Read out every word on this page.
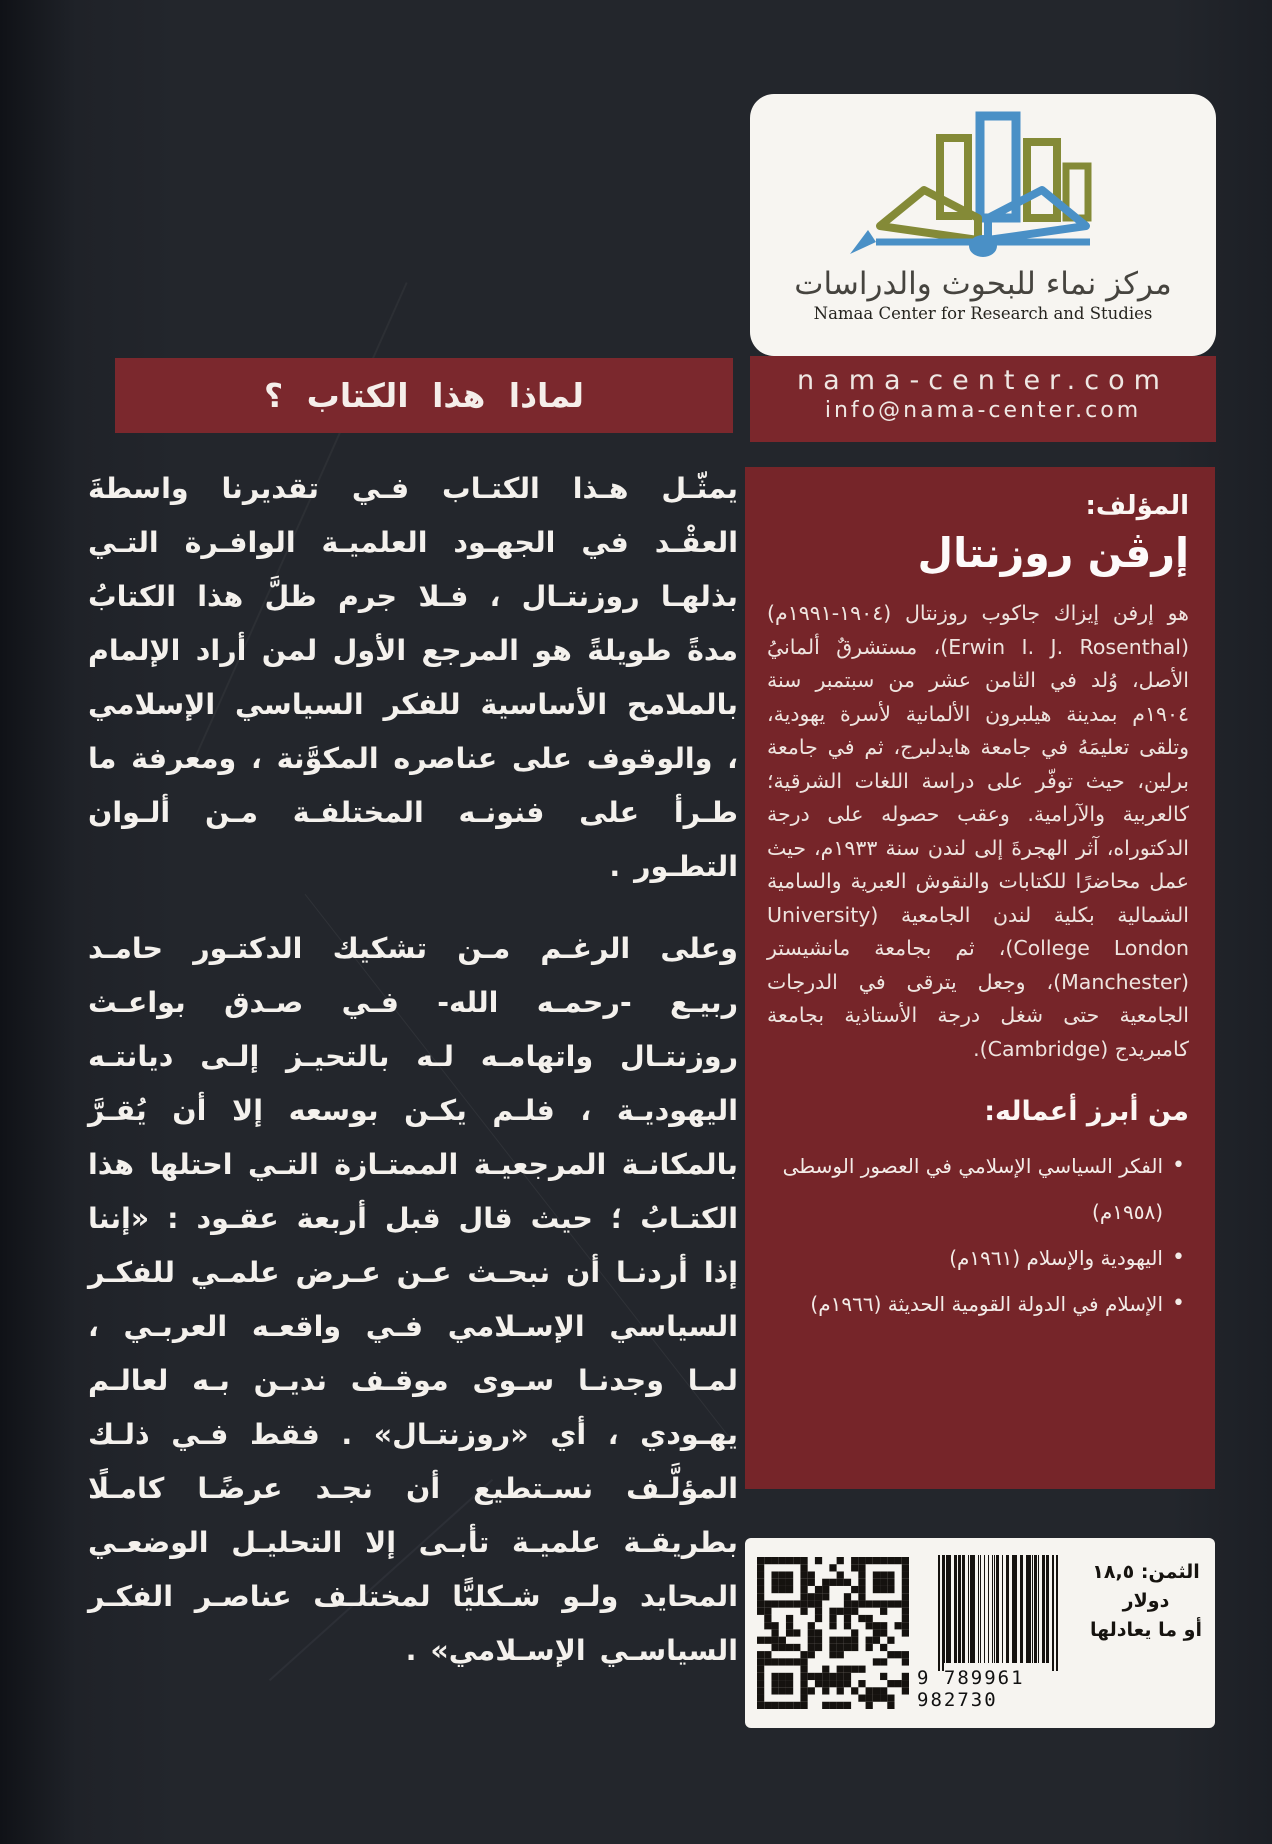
مركز نماء للبحوث والدراسات
Namaa Center for Research and Studies
nama-center.com
info@nama-center.com
المؤلف:
إرڤن روزنتال
هو إرفن إيزاك جاكوب روزنتال (١٩٠٤-١٩٩١م) (Erwin I. J. Rosenthal)، مستشرقٌ ألمانيُ الأصل، وُلد في الثامن عشر من سبتمبر سنة ١٩٠٤م بمدينة هيلبرون الألمانية لأسرة يهودية، وتلقى تعليمَهُ في جامعة هايدلبرج، ثم في جامعة برلين، حيث توفّر على دراسة اللغات الشرقية؛ كالعربية والآرامية. وعقب حصوله على درجة الدكتوراه، آثر الهجرةَ إلى لندن سنة ١٩٣٣م، حيث عمل محاضرًا للكتابات والنقوش العبرية والسامية الشمالية بكلية لندن الجامعية (University College London)، ثم بجامعة مانشيستر (Manchester)، وجعل يترقى في الدرجات الجامعية حتى شغل درجة الأستاذية بجامعة كامبريدج (Cambridge).
من أبرز أعماله:
• الفكر السياسي الإسلامي في العصور الوسطى (١٩٥٨م)
• اليهودية والإسلام (١٩٦١م)
• الإسلام في الدولة القومية الحديثة (١٩٦٦م)
9 789961 982730
الثمن: ١٨,٥ دولار
أو ما يعادلها
لماذا هذا الكتاب ؟

يمثّـل هـذا الكتـاب فـي تقديرنا واسطةَ العقْـد في الجهـود العلميـة الوافـرة التـي بذلهـا روزنتـال ، فـلا جرم ظلَّ هذا الكتابُ مدةً طويلةً هو المرجع الأول لمن أراد الإلمام بالملامح الأساسية للفكر السياسي الإسلامي ، والوقوف على عناصره المكوَّنة ، ومعرفة ما طـرأ على فنونـه المختلفـة مـن ألـوان التطـور .

وعلى الرغـم مـن تشكيك الدكتـور حامـد ربيـع -رحمـه الله- فـي صـدق بواعـث روزنتـال واتهامـه لـه بالتحيـز إلـى ديانتـه اليهوديـة ، فلـم يكـن بوسعه إلا أن يُقـرَّ بالمكانـة المرجعيـة الممتـازة التـي احتلها هذا الكتـابُ ؛ حيث قال قبل أربعة عقـود : «إننا إذا أردنـا أن نبحـث عـن عـرض علمـي للفكـر السياسي الإسـلامي فـي واقعـه العربـي ، لمـا وجدنـا سـوى موقـف نديـن بـه لعالـم يهـودي ، أي «روزنتـال» . فقط فـي ذلـك المؤلَّـف نسـتطيع أن نجـد عرضًـا كامـلًا بطريقـة علميـة تأبـى إلا التحليـل الوضعـي المحايد ولـو شـكليًّا لمختلـف عناصـر الفكـر السياسـي الإسـلامي» .
